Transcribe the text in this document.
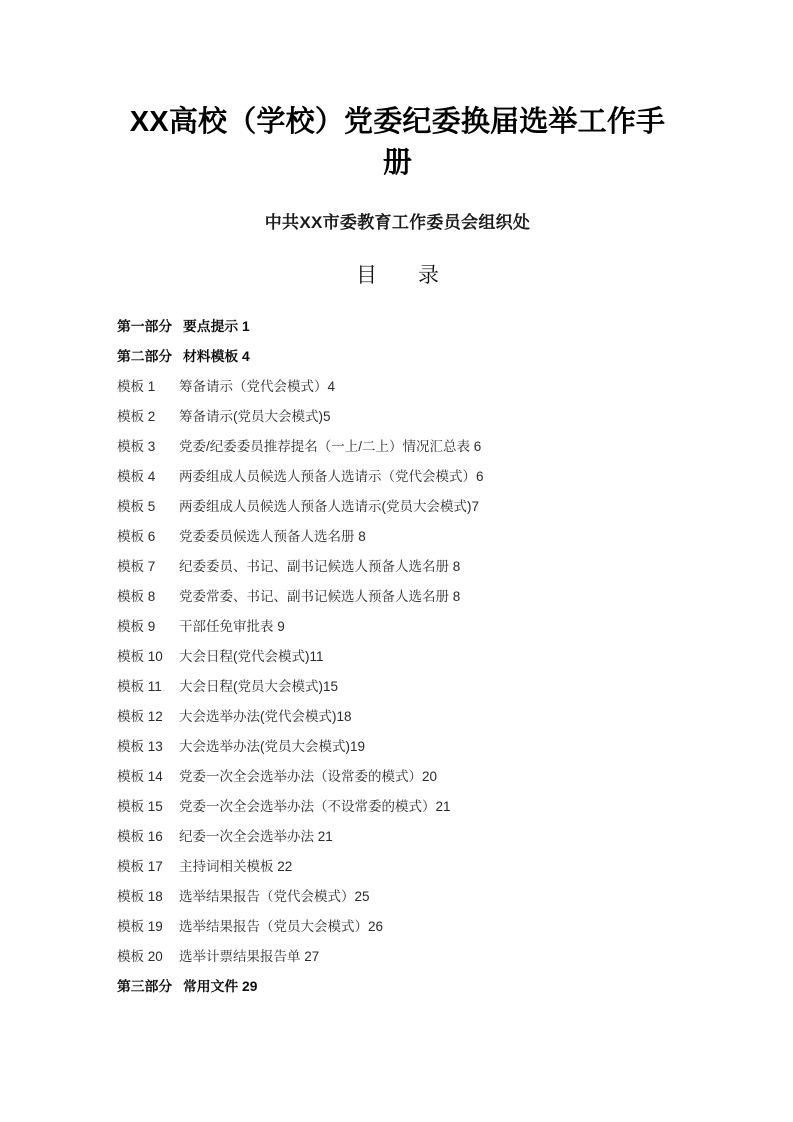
XX高校（学校）党委纪委换届选举工作手册
中共XX市委教育工作委员会组织处
目　录
第一部分 要点提示 1
第二部分 材料模板 4
模板 1 筹备请示（党代会模式）4
模板 2 筹备请示(党员大会模式)5
模板 3 党委/纪委委员推荐提名（一上/二上）情况汇总表 6
模板 4 两委组成人员候选人预备人选请示（党代会模式）6
模板 5 两委组成人员候选人预备人选请示(党员大会模式)7
模板 6 党委委员候选人预备人选名册 8
模板 7 纪委委员、书记、副书记候选人预备人选名册 8
模板 8 党委常委、书记、副书记候选人预备人选名册 8
模板 9 干部任免审批表 9
模板 10 大会日程(党代会模式)11
模板 11 大会日程(党员大会模式)15
模板 12 大会选举办法(党代会模式)18
模板 13 大会选举办法(党员大会模式)19
模板 14 党委一次全会选举办法（设常委的模式）20
模板 15 党委一次全会选举办法（不设常委的模式）21
模板 16 纪委一次全会选举办法 21
模板 17 主持词相关模板 22
模板 18 选举结果报告（党代会模式）25
模板 19 选举结果报告（党员大会模式）26
模板 20 选举计票结果报告单 27
第三部分 常用文件 29
